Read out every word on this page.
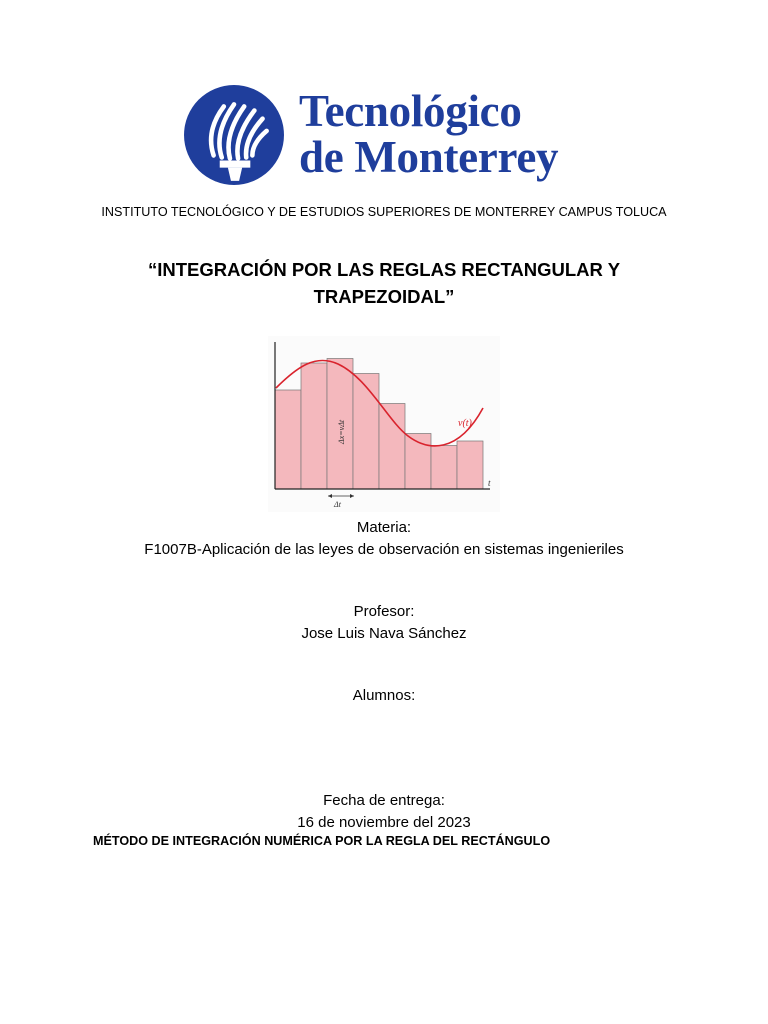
Tecnológico
de Monterrey
INSTITUTO TECNOLÓGICO Y DE ESTUDIOS SUPERIORES DE MONTERREY CAMPUS TOLUCA
“INTEGRACIÓN POR LAS REGLAS RECTANGULAR Y
TRAPEZOIDAL”
v(t)
t
Δx=vΔt
Δt
Materia:
F1007B-Aplicación de las leyes de observación en sistemas ingenieriles
Profesor:
Jose Luis Nava Sánchez
Alumnos:
Fecha de entrega:
16 de noviembre del 2023
MÉTODO DE INTEGRACIÓN NUMÉRICA POR LA REGLA DEL RECTÁNGULO
